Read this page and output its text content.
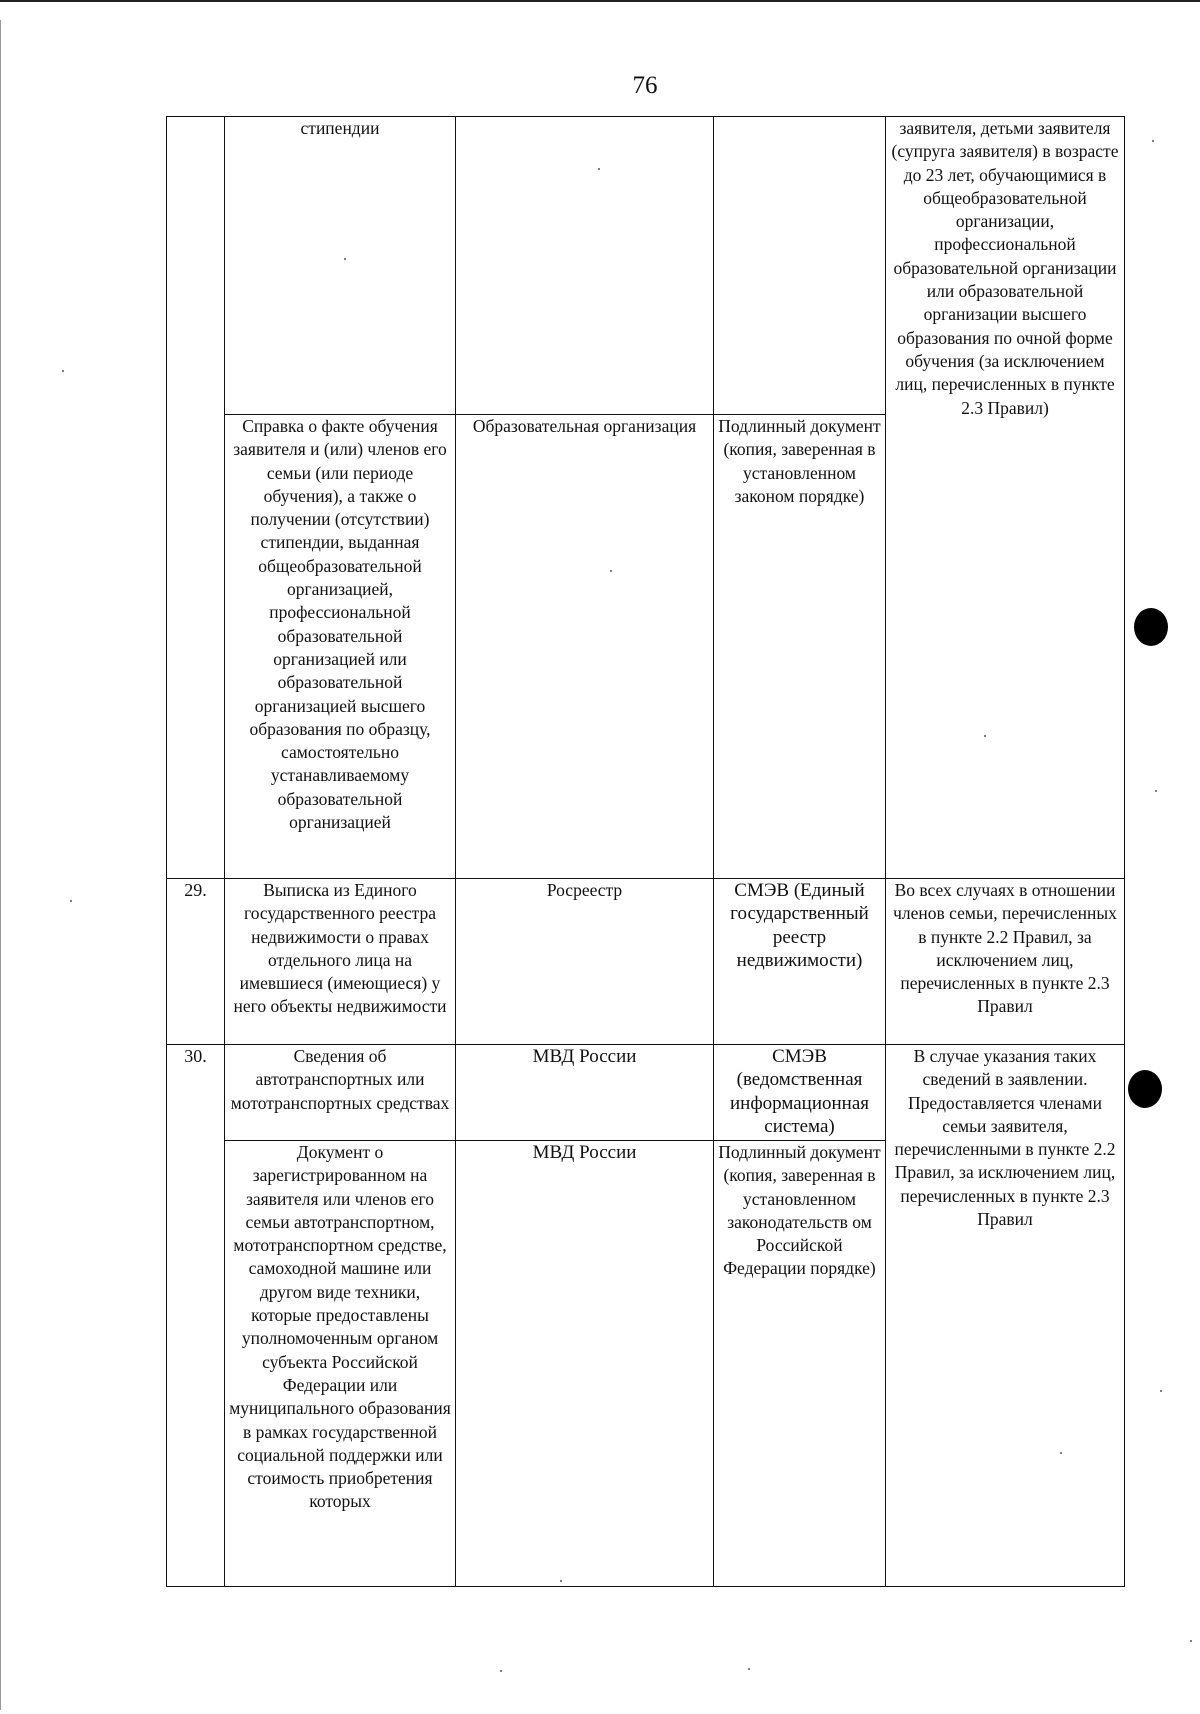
76
	стипендии			заявителя, детьми заявителя (супруга заявителя) в возрасте до 23 лет, обучающимися в общеобразовательной организации, профессиональной образовательной организации или образовательной организации высшего образования по очной форме обучения (за исключением лиц, перечисленных в пункте 2.3 Правил)
	Справка о факте обучения заявителя и (или) членов его семьи (или периоде обучения), а также о получении (отсутствии) стипендии, выданная общеобразовательной организацией, профессиональной образовательной организацией или образовательной организацией высшего образования по образцу, самостоятельно устанавливаемому образовательной организацией	Образовательная организация	Подлинный документ (копия, заверенная в установленном законом порядке)	
29.	Выписка из Единого государственного реестра недвижимости о правах отдельного лица на имевшиеся (имеющиеся) у него объекты недвижимости	Росреестр	СМЭВ (Единый государственный реестр недвижимости)	Во всех случаях в отношении членов семьи, перечисленных в пункте 2.2 Правил, за исключением лиц, перечисленных в пункте 2.3 Правил
30.	Сведения об автотранспортных или мототранспортных средствах	МВД России	СМЭВ (ведомственная информационная система)	В случае указания таких сведений в заявлении. Предоставляется членами семьи заявителя, перечисленными в пункте 2.2 Правил, за исключением лиц, перечисленных в пункте 2.3 Правил
	Документ о зарегистрированном на заявителя или членов его семьи автотранспортном, мототранспортном средстве, самоходной машине или другом виде техники, которые предоставлены уполномоченным органом субъекта Российской Федерации или муниципального образования в рамках государственной социальной поддержки или стоимость приобретения которых	МВД России	Подлинный документ (копия, заверенная в установленном законодательств ом Российской Федерации порядке)	
